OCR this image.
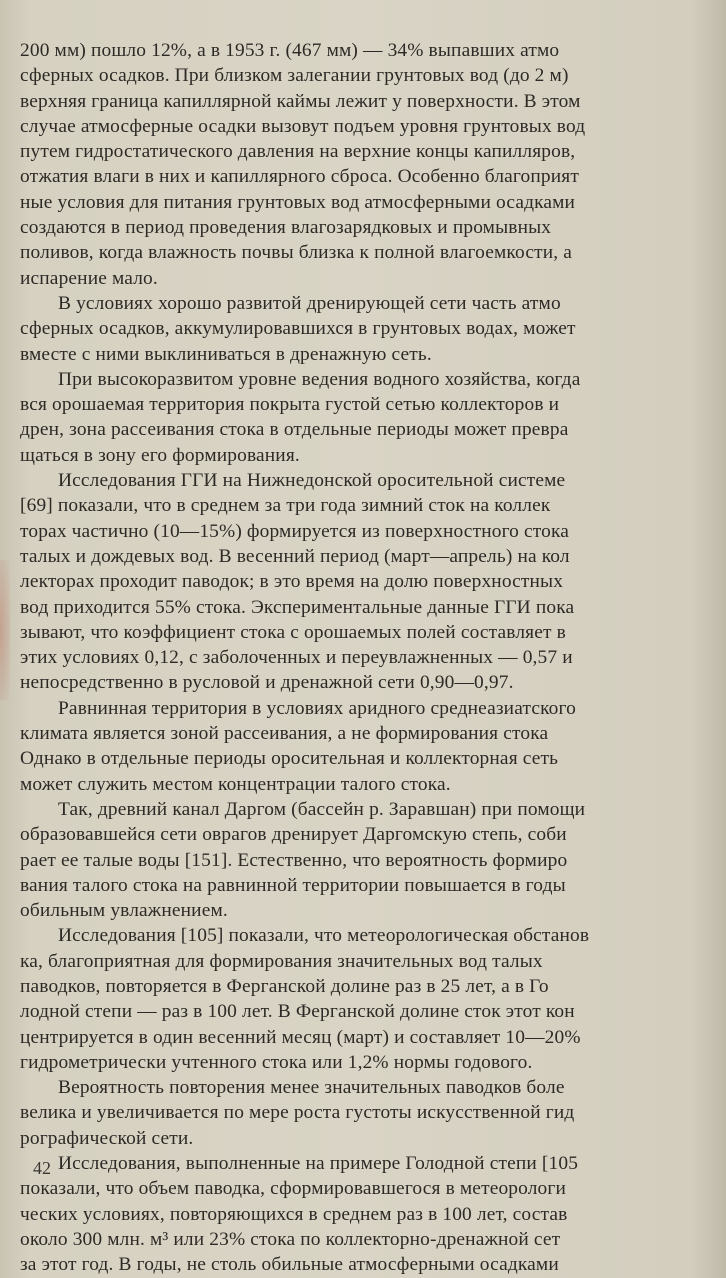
200 мм) пошло 12%, а в 1953 г. (467 мм) — 34% выпавших атмо
сферных осадков. При близком залегании грунтовых вод (до 2 м)
верхняя граница капиллярной каймы лежит у поверхности. В этом
случае атмосферные осадки вызовут подъем уровня грунтовых вод
путем гидростатического давления на верхние концы капилляров,
отжатия влаги в них и капиллярного сброса. Особенно благоприят
ные условия для питания грунтовых вод атмосферными осадками
создаются в период проведения влагозарядковых и промывных
поливов, когда влажность почвы близка к полной влагоемкости, а
испарение мало.
В условиях хорошо развитой дренирующей сети часть атмо
сферных осадков, аккумулировавшихся в грунтовых водах, может
вместе с ними выклиниваться в дренажную сеть.
При высокоразвитом уровне ведения водного хозяйства, когда
вся орошаемая территория покрыта густой сетью коллекторов и
дрен, зона рассеивания стока в отдельные периоды может превра
щаться в зону его формирования.
Исследования ГГИ на Нижнедонской оросительной системе
[69] показали, что в среднем за три года зимний сток на коллек
торах частично (10—15%) формируется из поверхностного стока
талых и дождевых вод. В весенний период (март—апрель) на кол
лекторах проходит паводок; в это время на долю поверхностных
вод приходится 55% стока. Экспериментальные данные ГГИ пока
зывают, что коэффициент стока с орошаемых полей составляет в
этих условиях 0,12, с заболоченных и переувлажненных — 0,57 и
непосредственно в русловой и дренажной сети 0,90—0,97.
Равнинная территория в условиях аридного среднеазиатского
климата является зоной рассеивания, а не формирования стока
Однако в отдельные периоды оросительная и коллекторная сеть
может служить местом концентрации талого стока.
Так, древний канал Даргом (бассейн р. Заравшан) при помощи
образовавшейся сети оврагов дренирует Даргомскую степь, соби
рает ее талые воды [151]. Естественно, что вероятность формиро
вания талого стока на равнинной территории повышается в годы
обильным увлажнением.
Исследования [105] показали, что метеорологическая обстанов
ка, благоприятная для формирования значительных вод талых
паводков, повторяется в Ферганской долине раз в 25 лет, а в Го
лодной степи — раз в 100 лет. В Ферганской долине сток этот кон
центрируется в один весенний месяц (март) и составляет 10—20%
гидрометрически учтенного стока или 1,2% нормы годового.
Вероятность повторения менее значительных паводков боле
велика и увеличивается по мере роста густоты искусственной гид
рографической сети.
Исследования, выполненные на примере Голодной степи [105
показали, что объем паводка, сформировавшегося в метеорологи
ческих условиях, повторяющихся в среднем раз в 100 лет, состав
около 300 млн. м³ или 23% стока по коллекторно-дренажной сет
за этот год. В годы, не столь обильные атмосферными осадками
42
